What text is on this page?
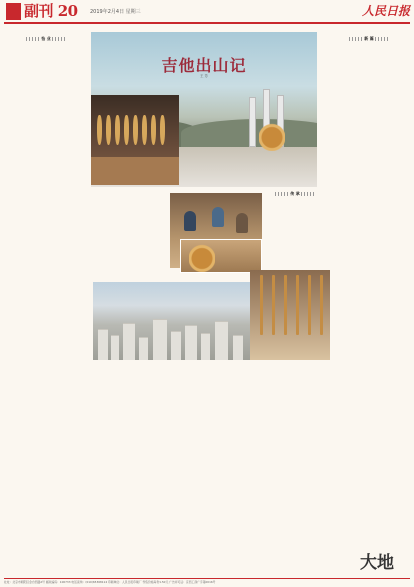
副刊 20 2019年2月4日 星期三	人民日报

怡 业

吉他出山记
王 芳

新 篇

传 承

大地
社址：北京市朝阳区金台西路2号 邮政编码：100733 电话查询：(010)65368114 印刷单位：人民日报印刷厂 零售价格每份1.50元 广告许可证：京西工商广字第0016号
